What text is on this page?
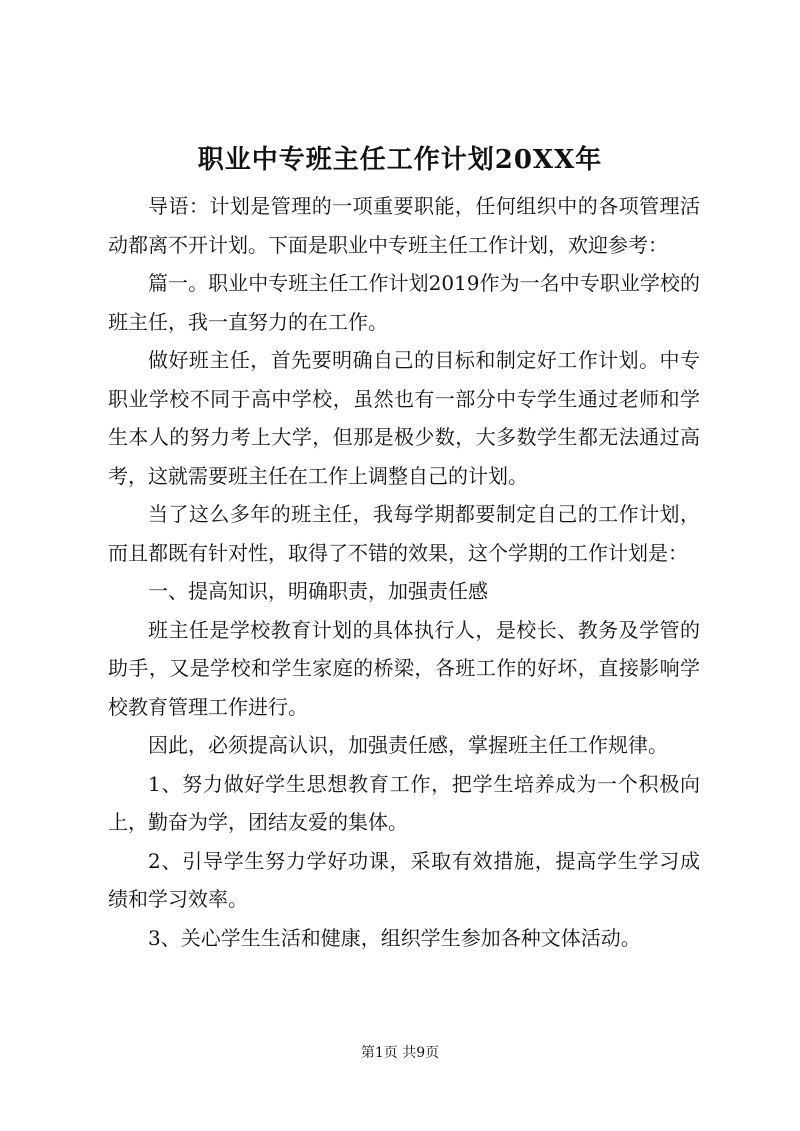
职业中专班主任工作计划20XX年

导语：计划是管理的一项重要职能，任何组织中的各项管理活动都离不开计划。下面是职业中专班主任工作计划，欢迎参考：

篇一。职业中专班主任工作计划2019作为一名中专职业学校的班主任，我一直努力的在工作。

做好班主任，首先要明确自己的目标和制定好工作计划。中专职业学校不同于高中学校，虽然也有一部分中专学生通过老师和学生本人的努力考上大学，但那是极少数，大多数学生都无法通过高考，这就需要班主任在工作上调整自己的计划。

当了这么多年的班主任，我每学期都要制定自己的工作计划，而且都既有针对性，取得了不错的效果，这个学期的工作计划是：

一、提高知识，明确职责，加强责任感

班主任是学校教育计划的具体执行人，是校长、教务及学管的助手，又是学校和学生家庭的桥梁，各班工作的好坏，直接影响学校教育管理工作进行。

因此，必须提高认识，加强责任感，掌握班主任工作规律。

1、努力做好学生思想教育工作，把学生培养成为一个积极向上，勤奋为学，团结友爱的集体。

2、引导学生努力学好功课，采取有效措施，提高学生学习成绩和学习效率。

3、关心学生生活和健康，组织学生参加各种文体活动。

第1页 共9页
